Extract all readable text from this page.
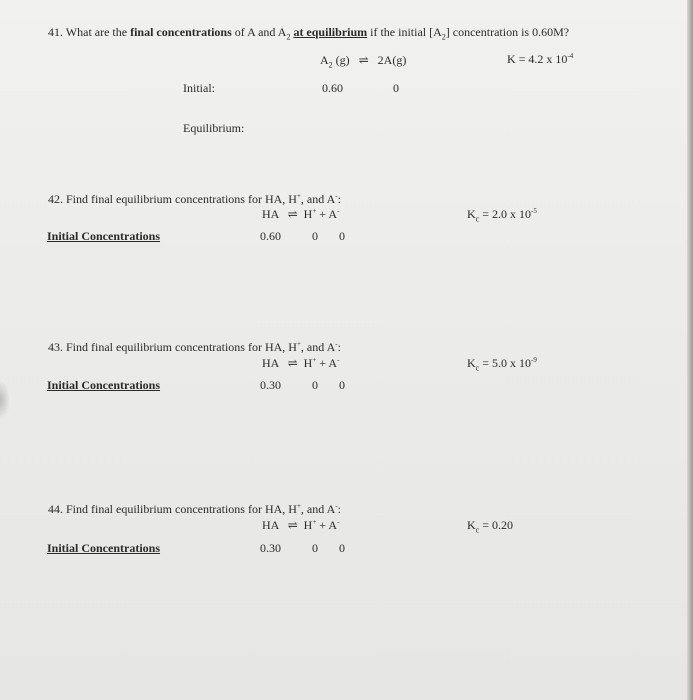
41. What are the final concentrations of A and $A_2$ at equilibrium if the initial $[A_2]$ concentration is 0.60M?
$A_2$ (g) ⇌ 2A(g)	K = 4.2 x $10^{-4}$
Initial:	0.60	0
Equilibrium:
42. Find final equilibrium concentrations for HA, H+, and A-:
HA ⇌ H+ + A-	$K_c = 2.0$ x $10^{-5}$
Initial Concentrations	0.60	0 0
43. Find final equilibrium concentrations for HA, H+, and A-:
HA ⇌ H+ + A-	$K_c = 5.0$ x $10^{-9}$
Initial Concentrations	0.30	0 0
44. Find final equilibrium concentrations for HA, H+, and A-:
HA ⇌ H+ + A-	$K_c = 0.20$
Initial Concentrations	0.30	0 0
